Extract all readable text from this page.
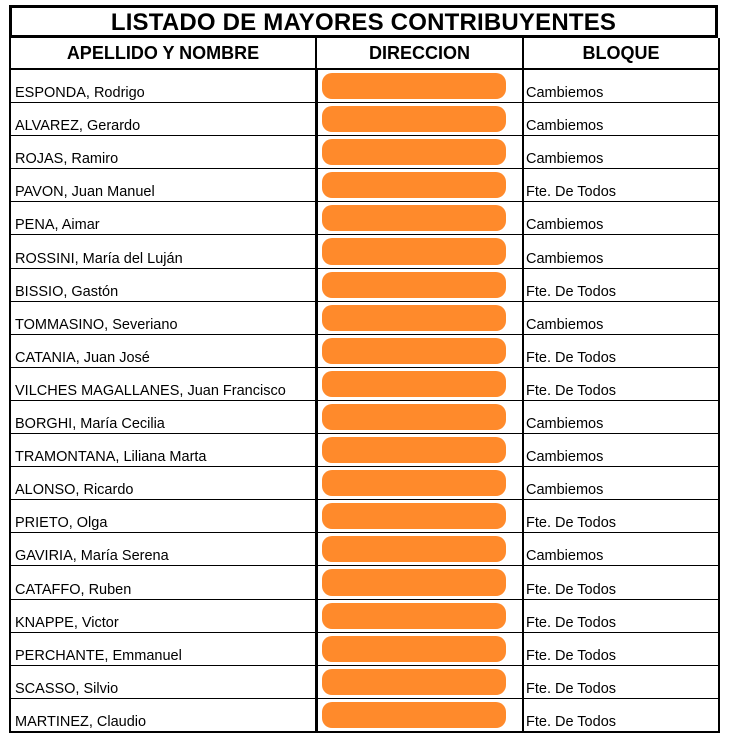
LISTADO DE MAYORES CONTRIBUYENTES
APELLIDO Y NOMBRE	DIRECCION	BLOQUE
ESPONDA, Rodrigo		Cambiemos
ALVAREZ, Gerardo		Cambiemos
ROJAS, Ramiro		Cambiemos
PAVON, Juan Manuel		Fte. De Todos
PENA, Aimar		Cambiemos
ROSSINI, María del Luján		Cambiemos
BISSIO, Gastón		Fte. De Todos
TOMMASINO, Severiano		Cambiemos
CATANIA, Juan José		Fte. De Todos
VILCHES MAGALLANES, Juan Francisco		Fte. De Todos
BORGHI, María Cecilia		Cambiemos
TRAMONTANA, Liliana Marta		Cambiemos
ALONSO, Ricardo		Cambiemos
PRIETO, Olga		Fte. De Todos
GAVIRIA, María Serena		Cambiemos
CATAFFO, Ruben		Fte. De Todos
KNAPPE, Victor		Fte. De Todos
PERCHANTE, Emmanuel		Fte. De Todos
SCASSO, Silvio		Fte. De Todos
MARTINEZ, Claudio		Fte. De Todos
